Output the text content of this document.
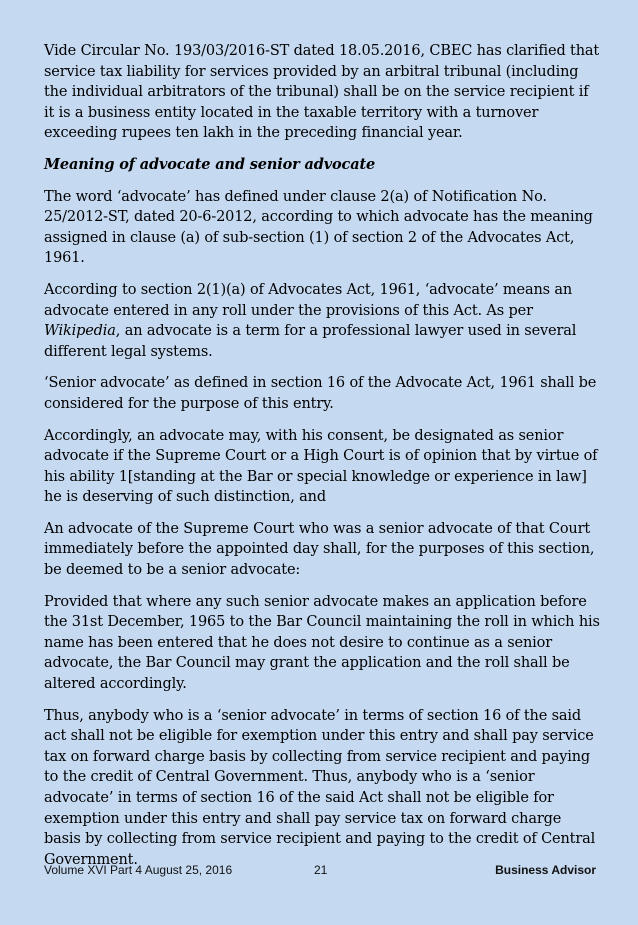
Vide Circular No. 193/03/2016-ST dated 18.05.2016, CBEC has clarified that service tax liability for services provided by an arbitral tribunal (including the individual arbitrators of the tribunal) shall be on the service recipient if it is a business entity located in the taxable territory with a turnover exceeding rupees ten lakh in the preceding financial year.

Meaning of advocate and senior advocate

The word ‘advocate’ has defined under clause 2(a) of Notification No. 25/2012-ST, dated 20-6-2012, according to which advocate has the meaning assigned in clause (a) of sub-section (1) of section 2 of the Advocates Act, 1961.

According to section 2(1)(a) of Advocates Act, 1961, ‘advocate’ means an advocate entered in any roll under the provisions of this Act. As per Wikipedia, an advocate is a term for a professional lawyer used in several different legal systems.

‘Senior advocate’ as defined in section 16 of the Advocate Act, 1961 shall be considered for the purpose of this entry.

Accordingly, an advocate may, with his consent, be designated as senior advocate if the Supreme Court or a High Court is of opinion that by virtue of his ability 1[standing at the Bar or special knowledge or experience in law] he is deserving of such distinction, and

An advocate of the Supreme Court who was a senior advocate of that Court immediately before the appointed day shall, for the purposes of this section, be deemed to be a senior advocate:

Provided that where any such senior advocate makes an application before the 31st December, 1965 to the Bar Council maintaining the roll in which his name has been entered that he does not desire to continue as a senior advocate, the Bar Council may grant the application and the roll shall be altered accordingly.

Thus, anybody who is a ‘senior advocate’ in terms of section 16 of the said act shall not be eligible for exemption under this entry and shall pay service tax on forward charge basis by collecting from service recipient and paying to the credit of Central Government. Thus, anybody who is a ‘senior advocate’ in terms of section 16 of the said Act shall not be eligible for exemption under this entry and shall pay service tax on forward charge basis by collecting from service recipient and paying to the credit of Central Government.

Volume XVI Part 4 August 25, 2016	21	Business Advisor
